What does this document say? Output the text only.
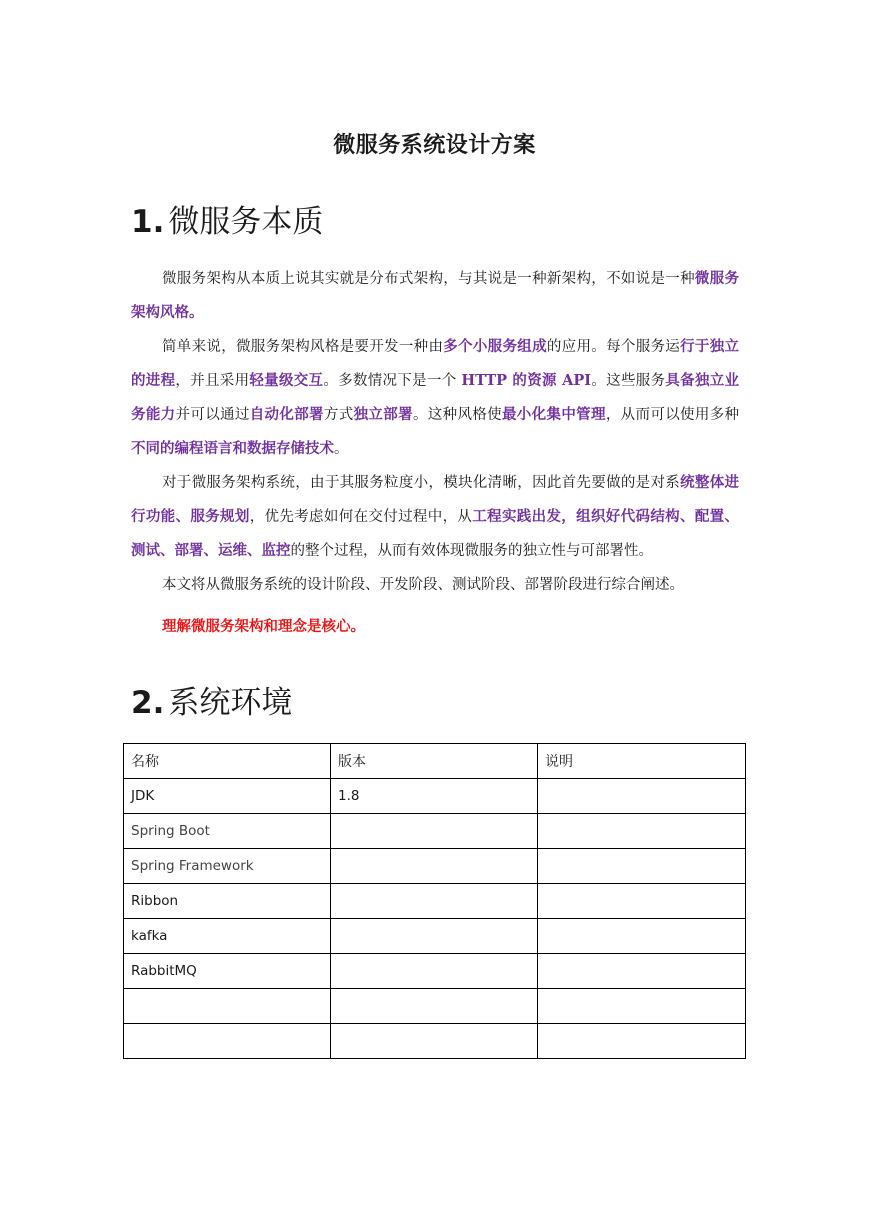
微服务系统设计方案
1. 微服务本质

微服务架构从本质上说其实就是分布式架构，与其说是一种新架构，不如说是一种微服务架构风格。

简单来说，微服务架构风格是要开发一种由多个小服务组成的应用。每个服务运行于独立的进程，并且采用轻量级交互。多数情况下是一个 HTTP 的资源 API。这些服务具备独立业务能力并可以通过自动化部署方式独立部署。这种风格使最小化集中管理，从而可以使用多种不同的编程语言和数据存储技术。

对于微服务架构系统，由于其服务粒度小，模块化清晰，因此首先要做的是对系统整体进行功能、服务规划，优先考虑如何在交付过程中，从工程实践出发，组织好代码结构、配置、测试、部署、运维、监控的整个过程，从而有效体现微服务的独立性与可部署性。

本文将从微服务系统的设计阶段、开发阶段、测试阶段、部署阶段进行综合阐述。

理解微服务架构和理念是核心。

2. 系统环境
名称	版本	说明
JDK	1.8	
Spring Boot		
Spring Framework		
Ribbon		
kafka		
RabbitMQ		
